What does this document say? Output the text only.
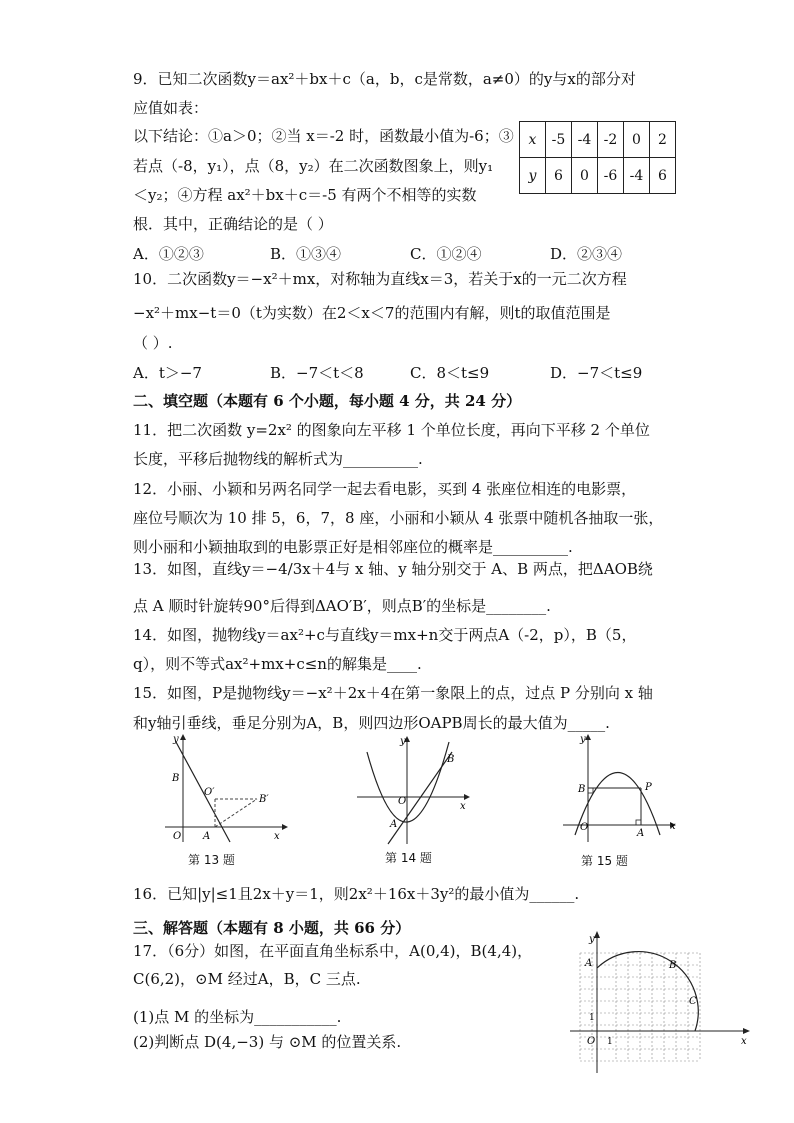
9．已知二次函数y＝ax²＋bx＋c（a，b，c是常数，a≠0）的y与x的部分对
应值如表：
以下结论：①a＞0；②当 x＝-2 时，函数最小值为-6；③
若点（-8，y₁），点（8，y₂）在二次函数图象上，则y₁
＜y₂；④方程 ax²＋bx＋c＝-5 有两个不相等的实数
根．其中，正确结论的是（ ）
x	-5	-4	-2	0	2
y	6	0	-6	-4	6
A．①②③	B．①③④	C．①②④	D．②③④
10．二次函数y＝−x²＋mx，对称轴为直线x＝3，若关于x的一元二次方程
−x²＋mx−t＝0（t为实数）在2＜x＜7的范围内有解，则t的取值范围是
（ ）.
A．t＞−7	B．−7＜t＜8	C．8＜t≤9	D．−7＜t≤9
二、填空题（本题有 6 个小题，每小题 4 分，共 24 分）
11．把二次函数 y=2x² 的图象向左平移 1 个单位长度，再向下平移 2 个单位
长度，平移后抛物线的解析式为__________.
12．小丽、小颖和另两名同学一起去看电影，买到 4 张座位相连的电影票，
座位号顺次为 10 排 5，6，7，8 座，小丽和小颖从 4 张票中随机各抽取一张，
则小丽和小颖抽取到的电影票正好是相邻座位的概率是__________.
13．如图，直线y＝−4/3x＋4与 x 轴、y 轴分别交于 A、B 两点，把ΔAOB绕
点 A 顺时针旋转90°后得到ΔAO′B′，则点B′的坐标是________.
14．如图，抛物线y＝ax²+c与直线y＝mx+n交于两点A（-2，p），B（5，
q），则不等式ax²+mx+c≤n的解集是____.
15．如图，P是抛物线y＝−x²＋2x＋4在第一象限上的点，过点 P 分别向 x 轴
和y轴引垂线，垂足分别为A，B，则四边形OAPB周长的最大值为_____.
y
B
O A
O′
B′
x
第 13 题
y
B
O
A
x
第 14 题
y
B	P
O
A
x
第 15 题
16．已知|y|≤1且2x＋y＝1，则2x²＋16x＋3y²的最小值为______.
三、解答题（本题有 8 小题，共 66 分）
17．（6分）如图，在平面直角坐标系中，A(0,4)，B(4,4)，
C(6,2)，⊙M 经过A，B，C 三点.
(1)点 M 的坐标为___________.
(2)判断点 D(4,−3) 与 ⊙M 的位置关系.
y
A	B
C
1
O 1	x
